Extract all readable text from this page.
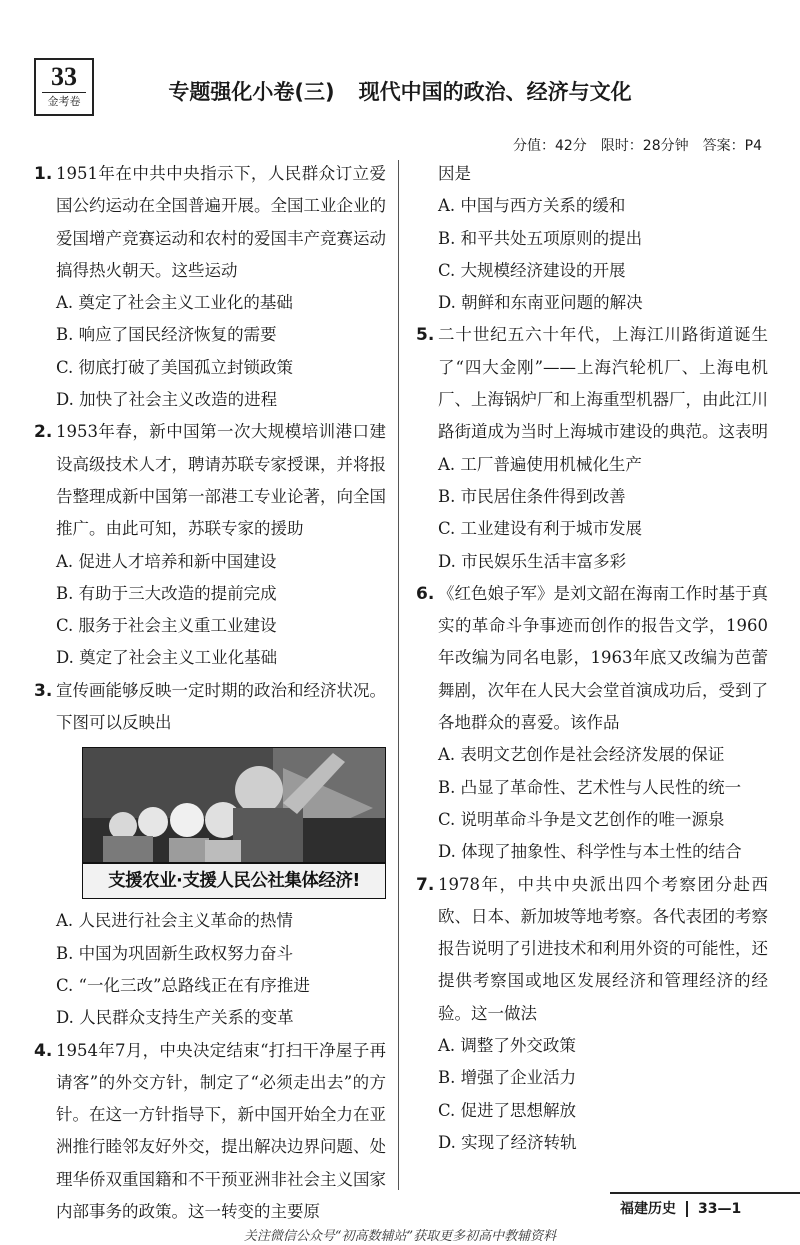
33
金考卷	专题强化小卷(三) 现代中国的政治、经济与文化
分值：42分 限时：28分钟 答案：P4
1. 1951年在中共中央指示下，人民群众订立爱国公约运动在全国普遍开展。全国工业企业的爱国增产竞赛运动和农村的爱国丰产竞赛运动搞得热火朝天。这些运动
A. 奠定了社会主义工业化的基础
B. 响应了国民经济恢复的需要
C. 彻底打破了美国孤立封锁政策
D. 加快了社会主义改造的进程
2. 1953年春，新中国第一次大规模培训港口建设高级技术人才，聘请苏联专家授课，并将报告整理成新中国第一部港工专业论著，向全国推广。由此可知，苏联专家的援助
A. 促进人才培养和新中国建设
B. 有助于三大改造的提前完成
C. 服务于社会主义重工业建设
D. 奠定了社会主义工业化基础
3. 宣传画能够反映一定时期的政治和经济状况。下图可以反映出
支援农业·支援人民公社集体经济!
A. 人民进行社会主义革命的热情
B. 中国为巩固新生政权努力奋斗
C. “一化三改”总路线正在有序推进
D. 人民群众支持生产关系的变革
4. 1954年7月，中央决定结束“打扫干净屋子再请客”的外交方针，制定了“必须走出去”的方针。在这一方针指导下，新中国开始全力在亚洲推行睦邻友好外交，提出解决边界问题、处理华侨双重国籍和不干预亚洲非社会主义国家内部事务的政策。这一转变的主要原
因是
A. 中国与西方关系的缓和
B. 和平共处五项原则的提出
C. 大规模经济建设的开展
D. 朝鲜和东南亚问题的解决
5. 二十世纪五六十年代，上海江川路街道诞生了“四大金刚”——上海汽轮机厂、上海电机厂、上海锅炉厂和上海重型机器厂，由此江川路街道成为当时上海城市建设的典范。这表明
A. 工厂普遍使用机械化生产
B. 市民居住条件得到改善
C. 工业建设有利于城市发展
D. 市民娱乐生活丰富多彩
6. 《红色娘子军》是刘文韶在海南工作时基于真实的革命斗争事迹而创作的报告文学，1960年改编为同名电影，1963年底又改编为芭蕾舞剧，次年在人民大会堂首演成功后，受到了各地群众的喜爱。该作品
A. 表明文艺创作是社会经济发展的保证
B. 凸显了革命性、艺术性与人民性的统一
C. 说明革命斗争是文艺创作的唯一源泉
D. 体现了抽象性、科学性与本土性的结合
7. 1978年，中共中央派出四个考察团分赴西欧、日本、新加坡等地考察。各代表团的考察报告说明了引进技术和利用外资的可能性，还提供考察国或地区发展经济和管理经济的经验。这一做法
A. 调整了外交政策
B. 增强了企业活力
C. 促进了思想解放
D. 实现了经济转轨
福建历史 33—1
关注微信公众号“初高数辅站”获取更多初高中教辅资料
